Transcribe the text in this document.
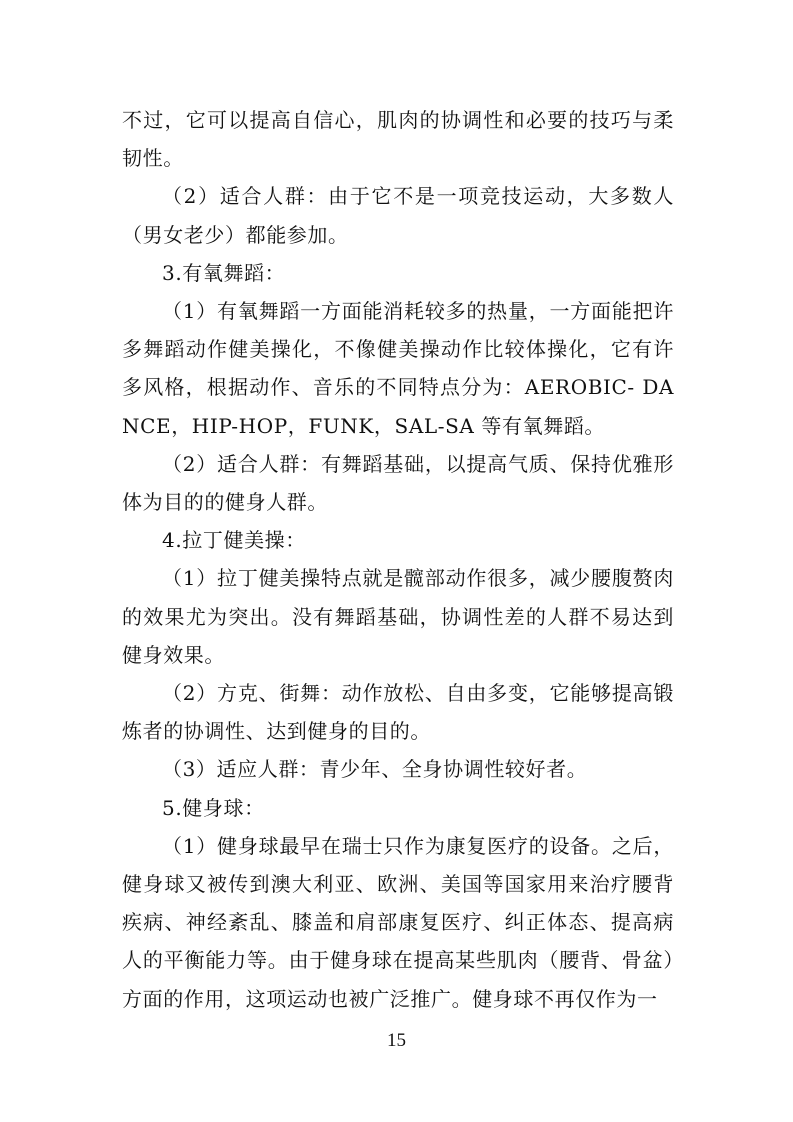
不过，它可以提高自信心，肌肉的协调性和必要的技巧与柔韧性。

（2）适合人群：由于它不是一项竞技运动，大多数人（男女老少）都能参加。

3.有氧舞蹈：

（1）有氧舞蹈一方面能消耗较多的热量，一方面能把许多舞蹈动作健美操化，不像健美操动作比较体操化，它有许多风格，根据动作、音乐的不同特点分为：AEROBIC- DANCE，HIP-HOP，FUNK，SAL-SA 等有氧舞蹈。

（2）适合人群：有舞蹈基础，以提高气质、保持优雅形体为目的的健身人群。

4.拉丁健美操：

（1）拉丁健美操特点就是髋部动作很多，减少腰腹赘肉的效果尤为突出。没有舞蹈基础，协调性差的人群不易达到健身效果。

（2）方克、街舞：动作放松、自由多变，它能够提高锻炼者的协调性、达到健身的目的。

（3）适应人群：青少年、全身协调性较好者。

5.健身球：

（1）健身球最早在瑞士只作为康复医疗的设备。之后，健身球又被传到澳大利亚、欧洲、美国等国家用来治疗腰背疾病、神经紊乱、膝盖和肩部康复医疗、纠正体态、提高病人的平衡能力等。由于健身球在提高某些肌肉（腰背、骨盆）方面的作用，这项运动也被广泛推广。健身球不再仅作为一

15
